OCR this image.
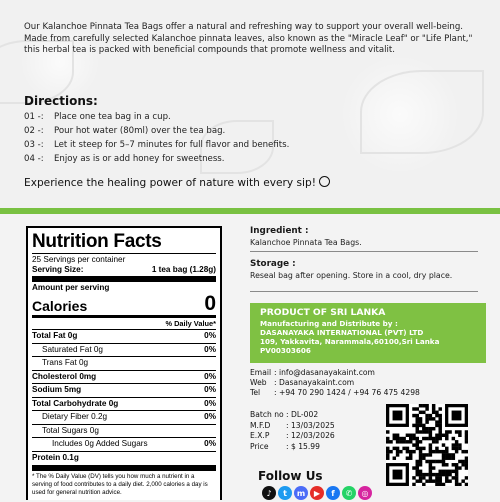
Our Kalanchoe Pinnata Tea Bags offer a natural and refreshing way to support your overall well-being. Made from carefully selected Kalanchoe pinnata leaves, also known as the "Miracle Leaf" or "Life Plant," this herbal tea is packed with beneficial compounds that promote wellness and vitalit.
Directions:
01 -: Place one tea bag in a cup.
02 -: Pour hot water (80ml) over the tea bag.
03 -: Let it steep for 5–7 minutes for full flavor and benefits.
04 -: Enjoy as is or add honey for sweetness.
Experience the healing power of nature with every sip!
Nutrition Facts
25 Servings per container
Serving Size:	1 tea bag (1.28g)
Amount per serving
Calories	0
% Daily Value*
Total Fat 0g	0%
Saturated Fat 0g	0%
Trans Fat 0g
Cholesterol 0mg	0%
Sodium 5mg	0%
Total Carbohydrate 0g	0%
Dietary Fiber 0.2g	0%
Total Sugars 0g
Includes 0g Added Sugars	0%
Protein 0.1g
* The % Daily Value (DV) tells you how much a nutrient in a serving of food contributes to a daily diet. 2,000 calories a day is used for general nutrition advice.
Ingredient :
Kalanchoe Pinnata Tea Bags.
Storage :
Reseal bag after opening. Store in a cool, dry place.
PRODUCT OF SRI LANKA
Manufacturing and Distribute by :
DASANAYAKA INTERNATIONAL (PVT) LTD
109, Yakkavita, Narammala,60100,Sri Lanka
PV00303606
Email : info@dasanayakaint.com
Web : Dasanayakaint.com
Tel : +94 70 290 1424 / +94 76 475 4298
Batch no : DL-002
M.F.D : 13/03/2025
E.X.P : 12/03/2026
Price : $ 15.99
Follow Us
♪	t	m	▶	f	✆	◎
